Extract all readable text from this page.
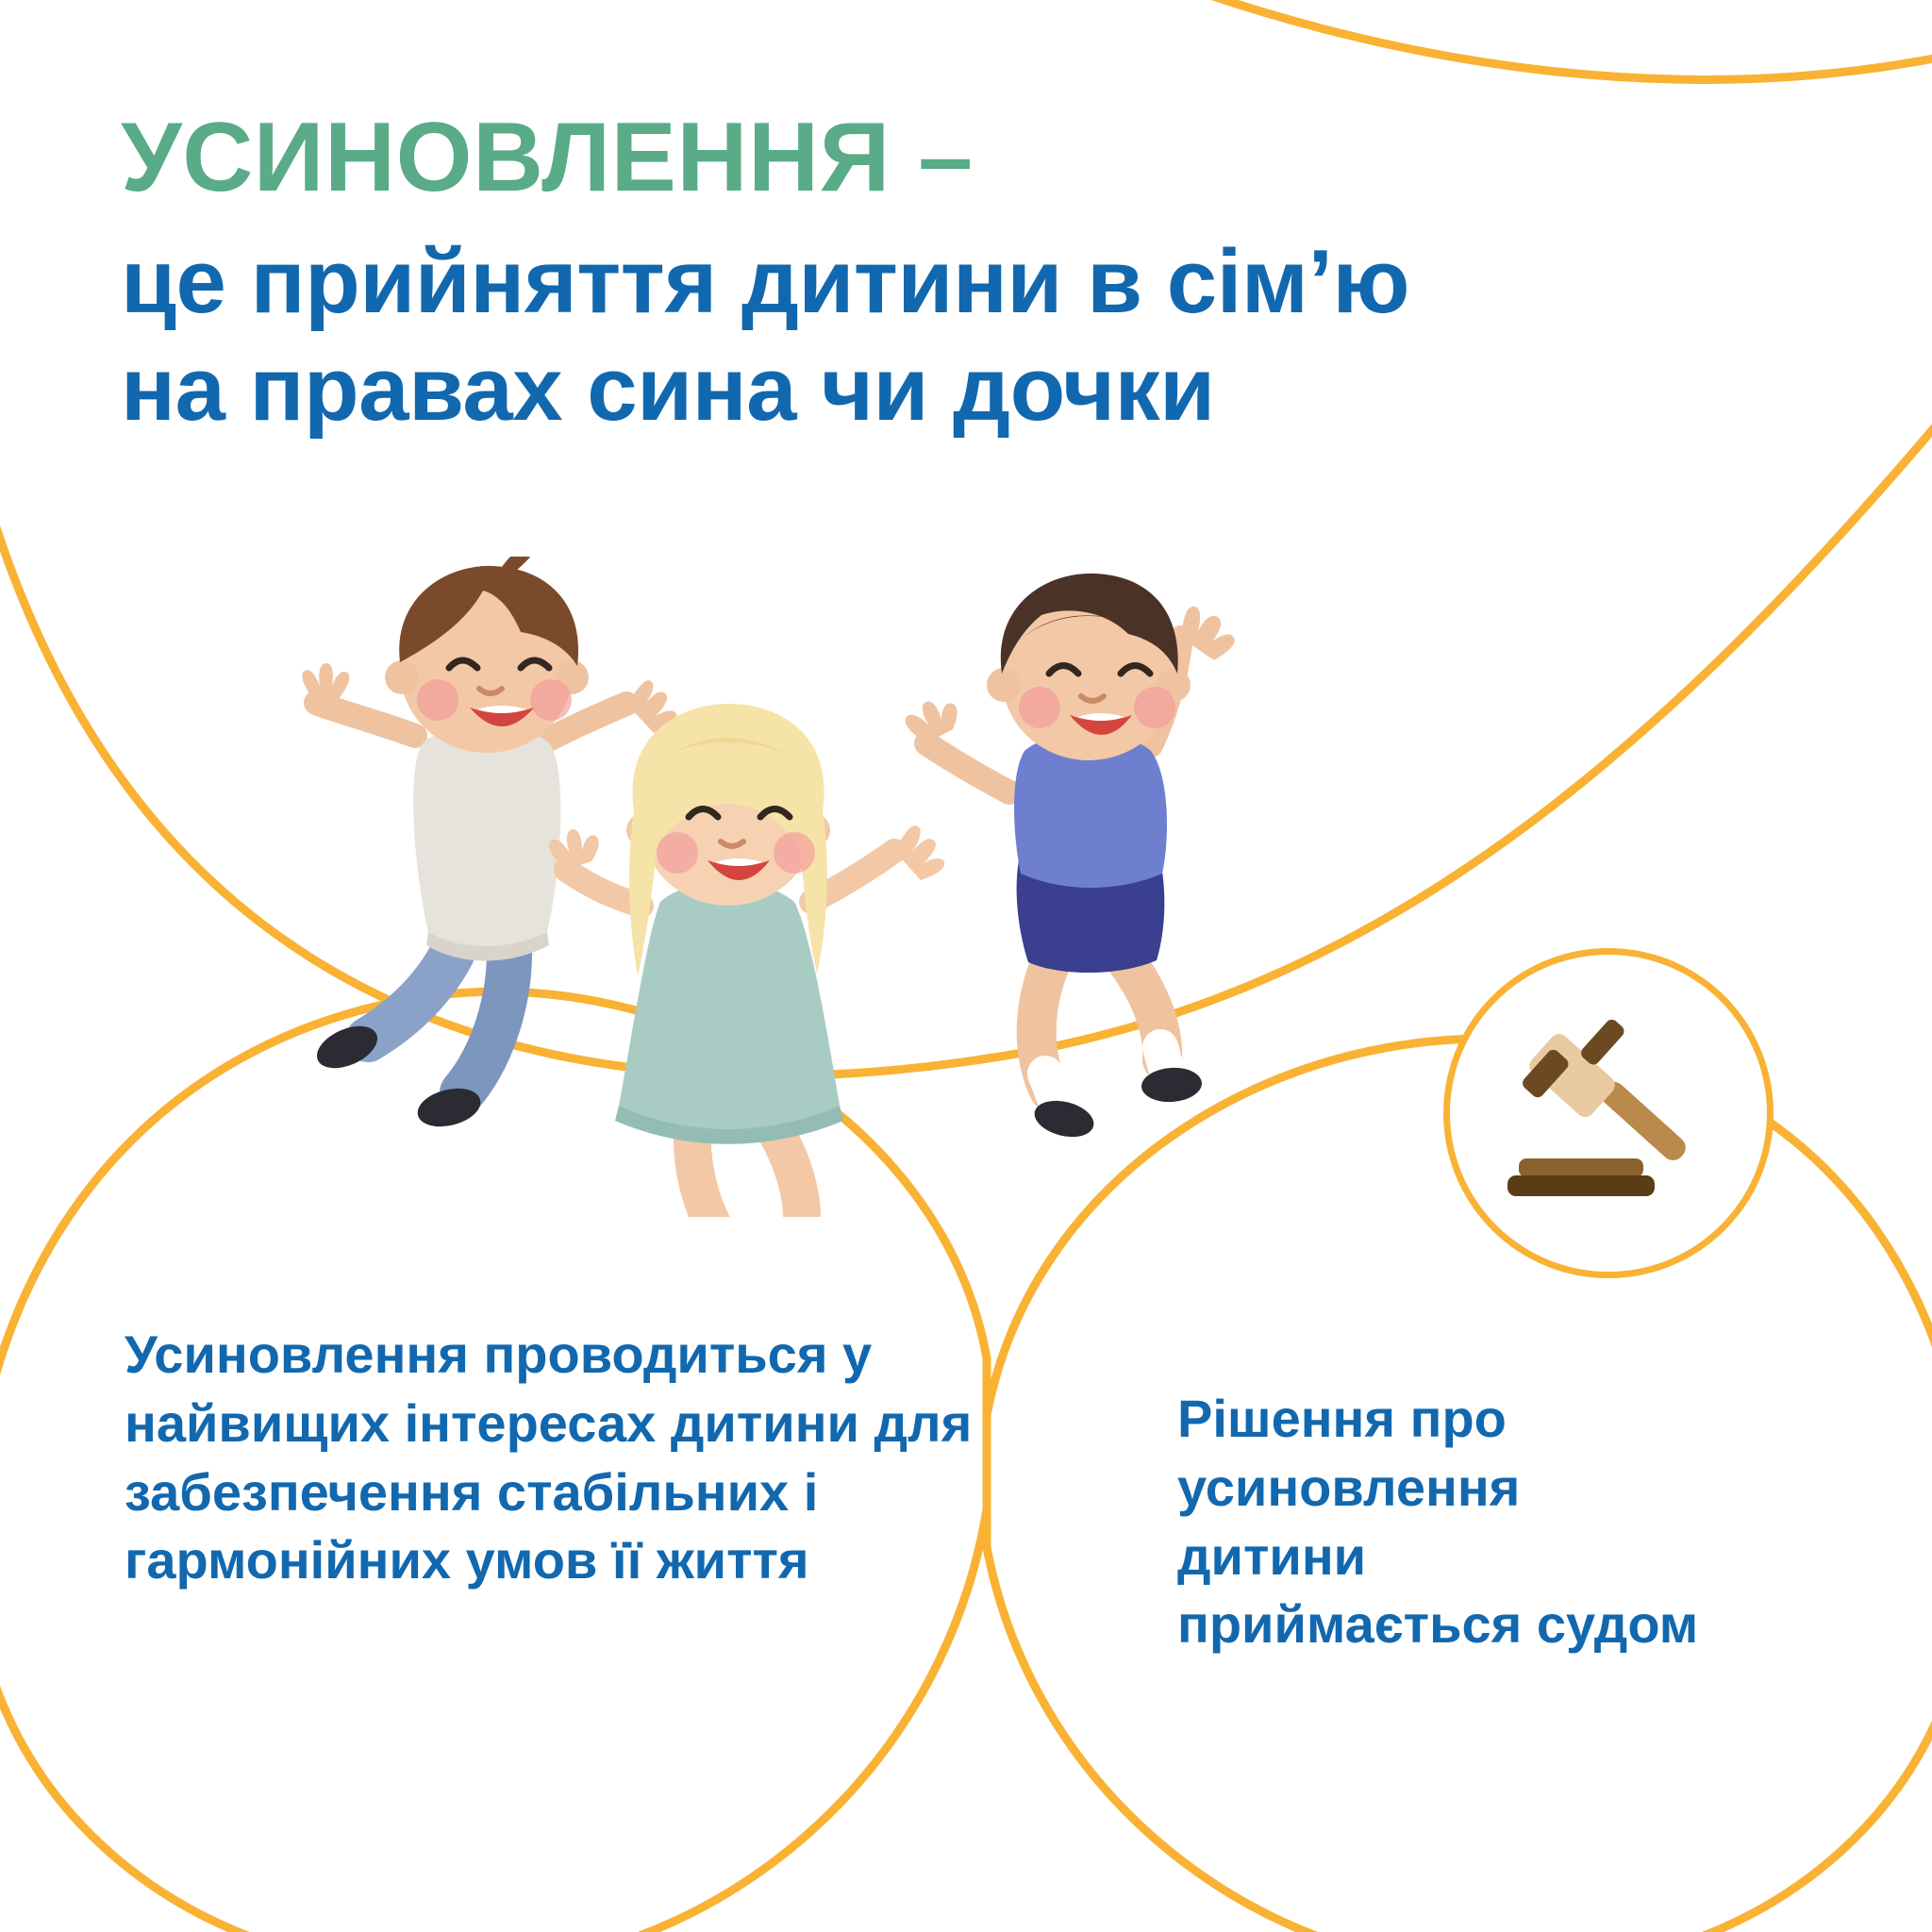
УСИНОВЛЕННЯ –
це прийняття дитини в сім’ю
на правах сина чи дочки

Усиновлення проводиться у найвищих інтересах дитини для забезпечення стабільних і гармонійних умов її життя

Рішення про усиновлення дитини приймається судом
